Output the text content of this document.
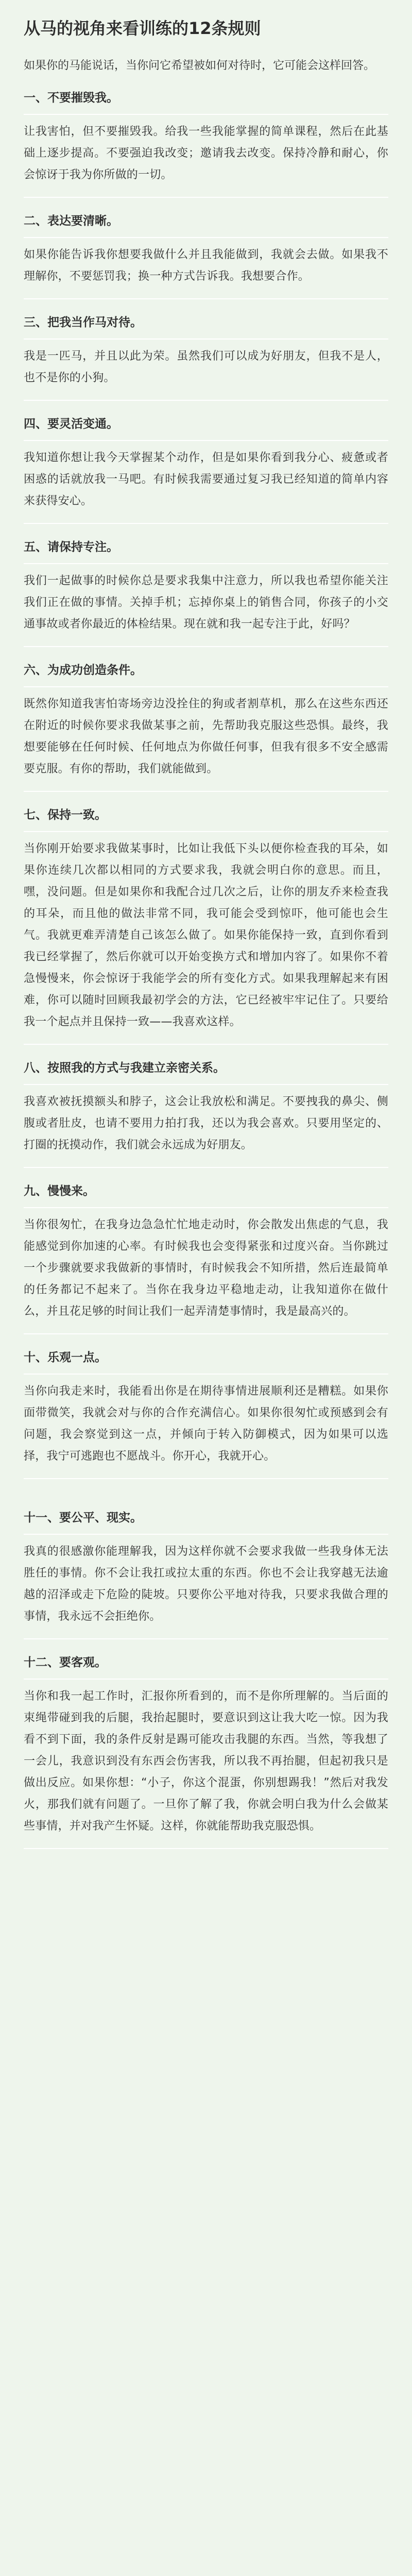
从马的视角来看训练的12条规则

如果你的马能说话，当你问它希望被如何对待时，它可能会这样回答。

一、不要摧毁我。

让我害怕，但不要摧毁我。给我一些我能掌握的简单课程，然后在此基础上逐步提高。不要强迫我改变；邀请我去改变。保持冷静和耐心，你会惊讶于我为你所做的一切。

二、表达要清晰。

如果你能告诉我你想要我做什么并且我能做到，我就会去做。如果我不理解你，不要惩罚我；换一种方式告诉我。我想要合作。

三、把我当作马对待。

我是一匹马，并且以此为荣。虽然我们可以成为好朋友，但我不是人，也不是你的小狗。

四、要灵活变通。

我知道你想让我今天掌握某个动作，但是如果你看到我分心、疲惫或者困惑的话就放我一马吧。有时候我需要通过复习我已经知道的简单内容来获得安心。

五、请保持专注。

我们一起做事的时候你总是要求我集中注意力，所以我也希望你能关注我们正在做的事情。关掉手机；忘掉你桌上的销售合同，你孩子的小交通事故或者你最近的体检结果。现在就和我一起专注于此，好吗？

六、为成功创造条件。

既然你知道我害怕寄场旁边没拴住的狗或者割草机，那么在这些东西还在附近的时候你要求我做某事之前，先帮助我克服这些恐惧。最终，我想要能够在任何时候、任何地点为你做任何事，但我有很多不安全感需要克服。有你的帮助，我们就能做到。

七、保持一致。

当你刚开始要求我做某事时，比如让我低下头以便你检查我的耳朵，如果你连续几次都以相同的方式要求我，我就会明白你的意思。而且，嘿，没问题。但是如果你和我配合过几次之后，让你的朋友乔来检查我的耳朵，而且他的做法非常不同，我可能会受到惊吓，他可能也会生气。我就更难弄清楚自己该怎么做了。如果你能保持一致，直到你看到我已经掌握了，然后你就可以开始变换方式和增加内容了。如果你不着急慢慢来，你会惊讶于我能学会的所有变化方式。如果我理解起来有困难，你可以随时回顾我最初学会的方法，它已经被牢牢记住了。只要给我一个起点并且保持一致——我喜欢这样。

八、按照我的方式与我建立亲密关系。

我喜欢被抚摸额头和脖子，这会让我放松和满足。不要拽我的鼻尖、侧腹或者肚皮，也请不要用力拍打我，还以为我会喜欢。只要用坚定的、打圈的抚摸动作，我们就会永远成为好朋友。

九、慢慢来。

当你很匆忙，在我身边急急忙忙地走动时，你会散发出焦虑的气息，我能感觉到你加速的心率。有时候我也会变得紧张和过度兴奋。当你跳过一个步骤就要求我做新的事情时，有时候我会不知所措，然后连最简单的任务都记不起来了。当你在我身边平稳地走动，让我知道你在做什么，并且花足够的时间让我们一起弄清楚事情时，我是最高兴的。

十、乐观一点。

当你向我走来时，我能看出你是在期待事情进展顺利还是糟糕。如果你面带微笑，我就会对与你的合作充满信心。如果你很匆忙或预感到会有问题，我会察觉到这一点，并倾向于转入防御模式，因为如果可以选择，我宁可逃跑也不愿战斗。你开心，我就开心。

十一、要公平、现实。

我真的很感激你能理解我，因为这样你就不会要求我做一些我身体无法胜任的事情。你不会让我扛或拉太重的东西。你也不会让我穿越无法逾越的沼泽或走下危险的陡坡。只要你公平地对待我，只要求我做合理的事情，我永远不会拒绝你。

十二、要客观。

当你和我一起工作时，汇报你所看到的，而不是你所理解的。当后面的束绳带碰到我的后腿，我抬起腿时，要意识到这让我大吃一惊。因为我看不到下面，我的条件反射是踢可能攻击我腿的东西。当然，等我想了一会儿，我意识到没有东西会伤害我，所以我不再抬腿，但起初我只是做出反应。如果你想：“小子，你这个混蛋，你别想踢我！”然后对我发火，那我们就有问题了。一旦你了解了我，你就会明白我为什么会做某些事情，并对我产生怀疑。这样，你就能帮助我克服恐惧。
